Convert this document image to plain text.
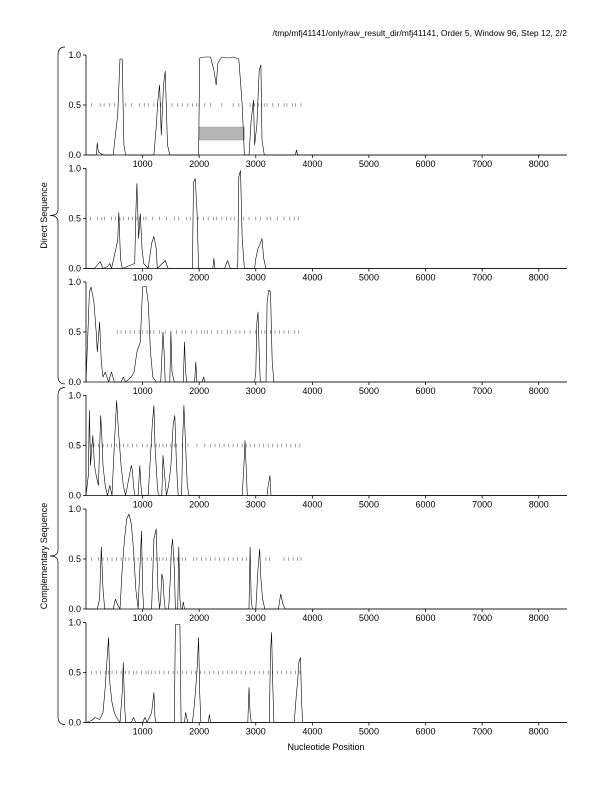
/tmp/mfj41141/only/raw_result_dir/mfj41141, Order 5, Window 96, Step 12, 2/2
0.0
0.5
1.0
1000	2000	3000	4000	5000	6000	7000	8000
0.0
0.5
1.0
1000	2000	3000	4000	5000	6000	7000	8000
0.0
0.5
1.0
1000	2000	3000	4000	5000	6000	7000	8000
0.0
0.5
1.0
1000	2000	3000	4000	5000	6000	7000	8000
0.0
0.5
1.0
1000	2000	3000	4000	5000	6000	7000	8000
0.0
0.5
1.0
1000	2000	3000	4000	5000	6000	7000	8000
Direct Sequence
Complementary Sequence
Nucleotide Position
